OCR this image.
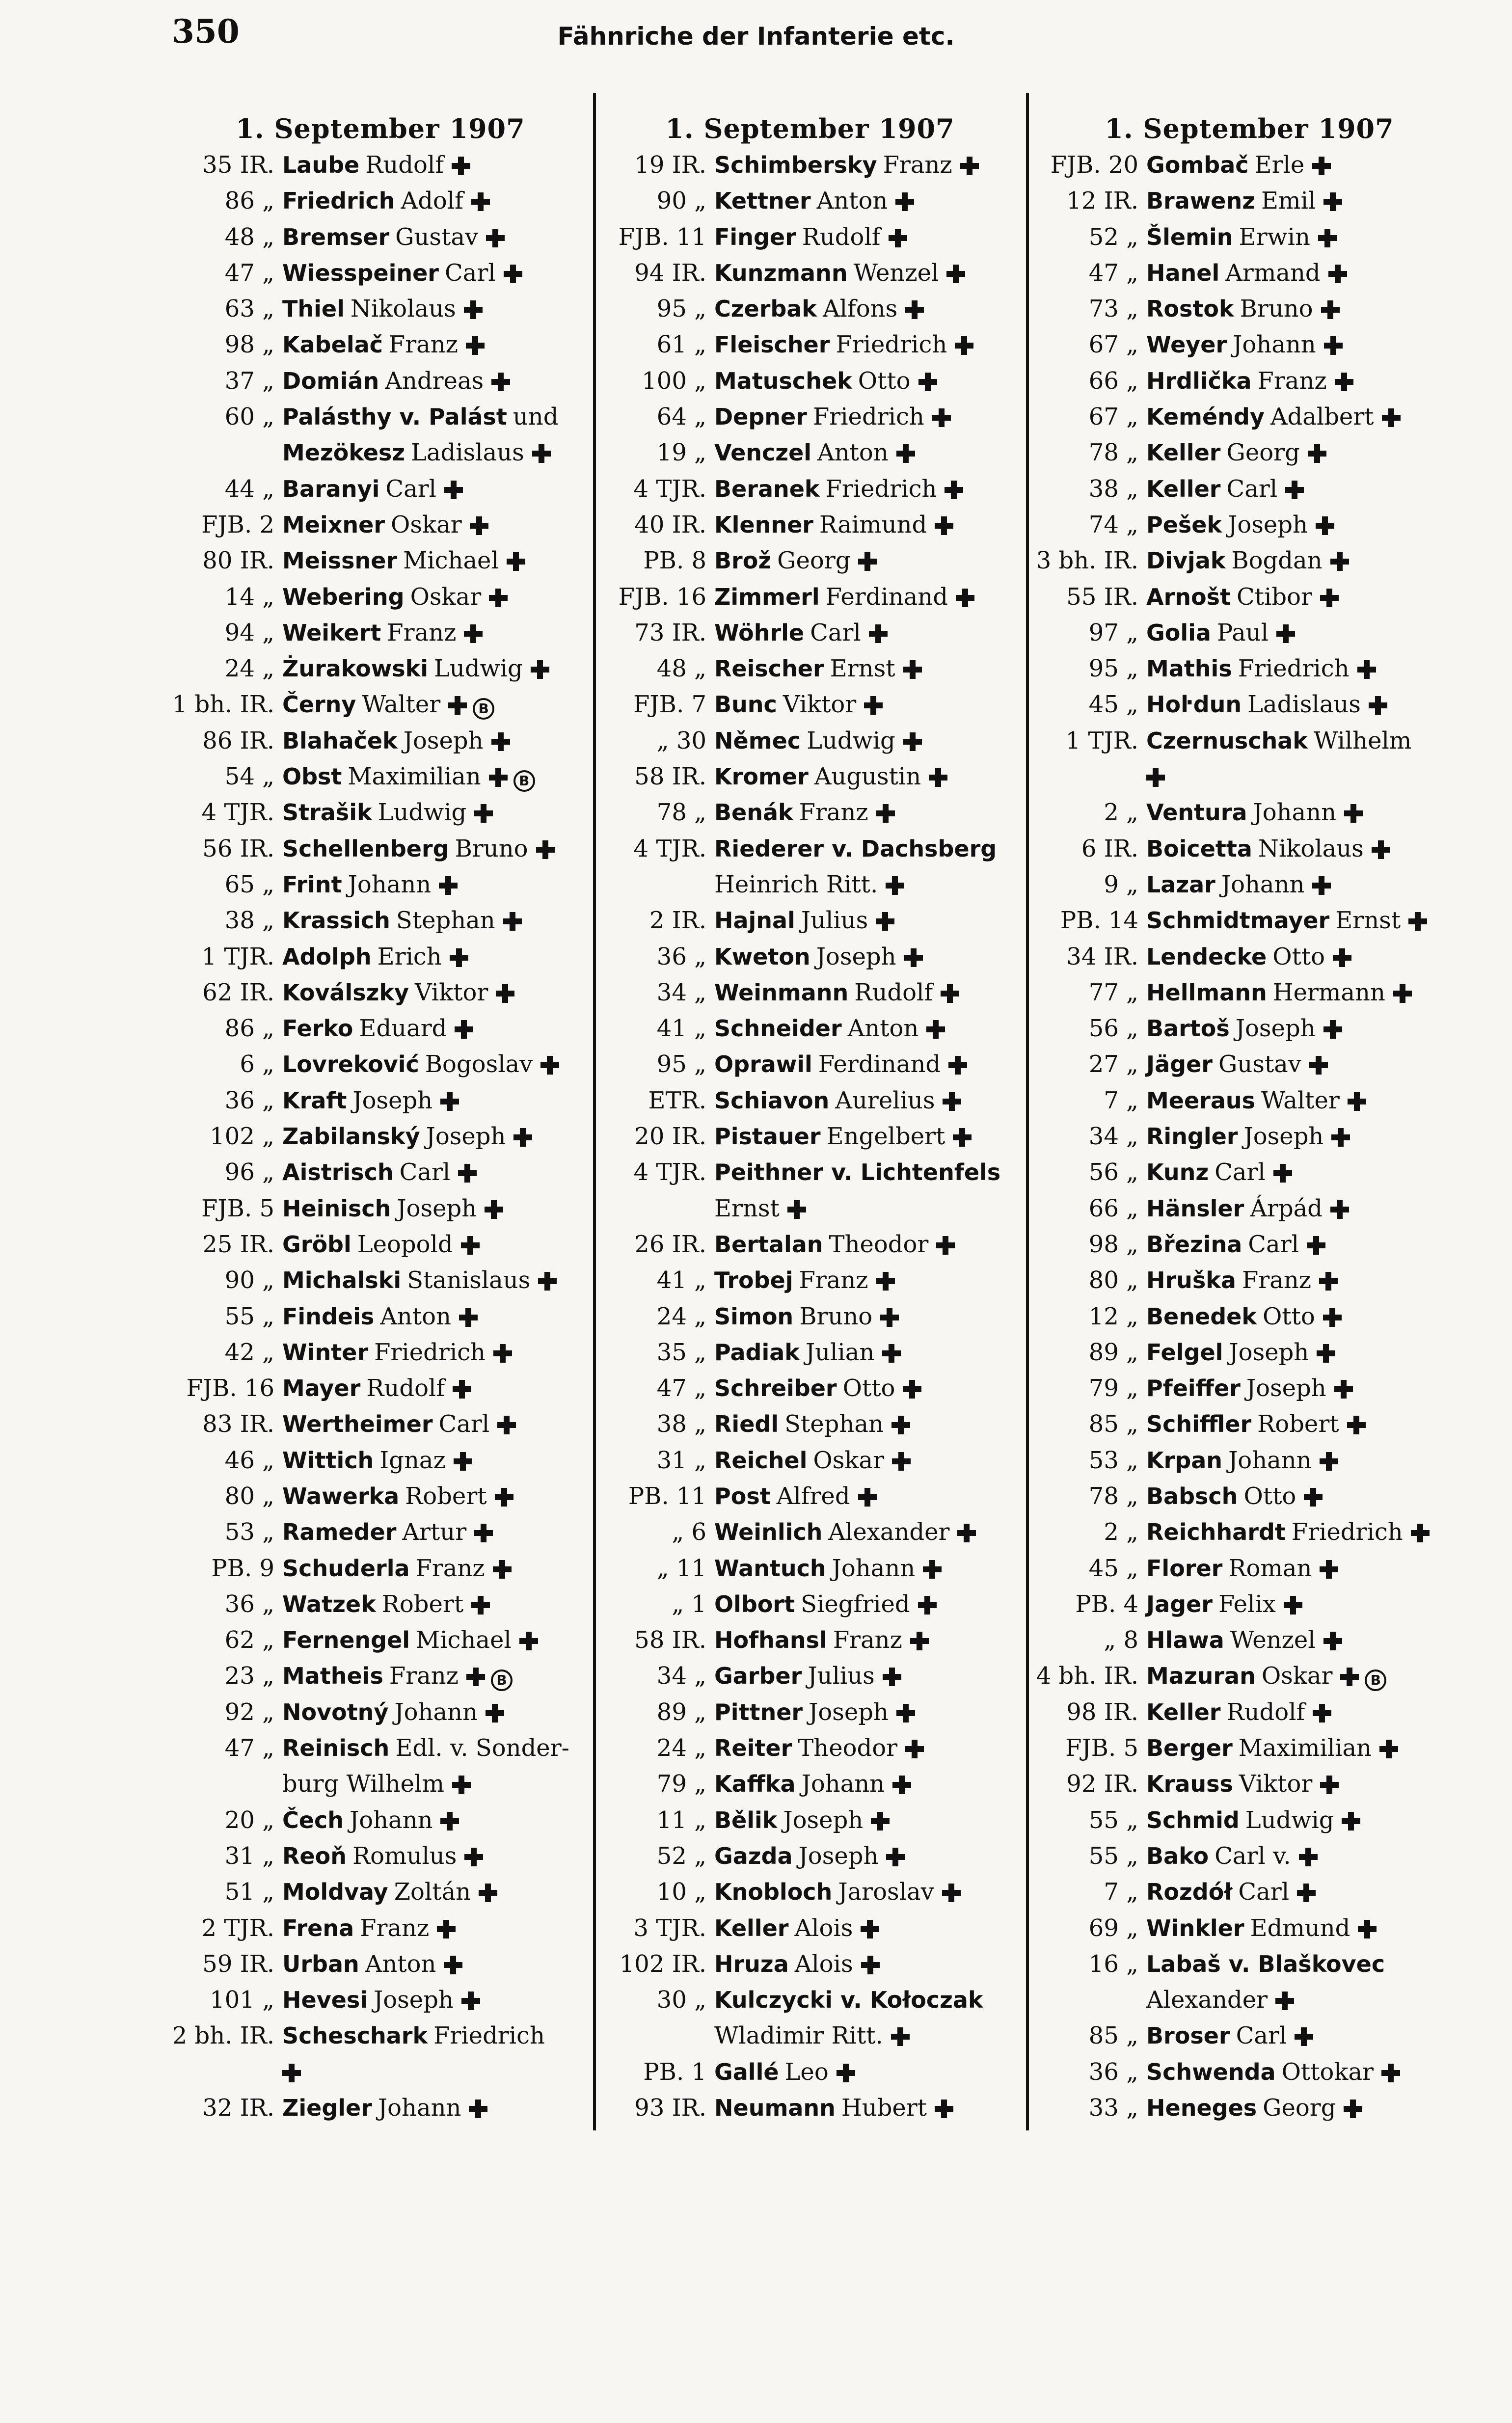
350	Fähnriche der Infanterie etc.
1. September 1907
35 IR. Laube Rudolf
86 „ Friedrich Adolf
48 „ Bremser Gustav
47 „ Wiesspeiner Carl
63 „ Thiel Nikolaus
98 „ Kabelač Franz
37 „ Domián Andreas
60 „ Palásthy v. Palást und
Mezökesz Ladislaus
44 „ Baranyi Carl
FJB. 2 Meixner Oskar
80 IR. Meissner Michael
14 „ Webering Oskar
94 „ Weikert Franz
24 „ Żurakowski Ludwig
1 bh. IR. Černy Walter	B
86 IR. Blahaček Joseph
54 „ Obst Maximilian	B
4 TJR. Strašik Ludwig
56 IR. Schellenberg Bruno
65 „ Frint Johann
38 „ Krassich Stephan
1 TJR. Adolph Erich
62 IR. Koválszky Viktor
86 „ Ferko Eduard
6 „ Lovreković Bogoslav
36 „ Kraft Joseph
102 „ Zabilanský Joseph
96 „ Aistrisch Carl
FJB. 5 Heinisch Joseph
25 IR. Gröbl Leopold
90 „ Michalski Stanislaus
55 „ Findeis Anton
42 „ Winter Friedrich
FJB. 16 Mayer Rudolf
83 IR. Wertheimer Carl
46 „ Wittich Ignaz
80 „ Wawerka Robert
53 „ Rameder Artur
PB. 9 Schuderla Franz
36 „ Watzek Robert
62 „ Fernengel Michael
23 „ Matheis Franz	B
92 „ Novotný Johann
47 „ Reinisch Edl. v. Sonder-
burg Wilhelm
20 „ Čech Johann
31 „ Reoň Romulus
51 „ Moldvay Zoltán
2 TJR. Frena Franz
59 IR. Urban Anton
101 „ Hevesi Joseph
2 bh. IR. Scheschark Friedrich
32 IR. Ziegler Johann
1. September 1907
19 IR. Schimbersky Franz
90 „ Kettner Anton
FJB. 11 Finger Rudolf
94 IR. Kunzmann Wenzel
95 „ Czerbak Alfons
61 „ Fleischer Friedrich
100 „ Matuschek Otto
64 „ Depner Friedrich
19 „ Venczel Anton
4 TJR. Beranek Friedrich
40 IR. Klenner Raimund
PB. 8 Brož Georg
FJB. 16 Zimmerl Ferdinand
73 IR. Wöhrle Carl
48 „ Reischer Ernst
FJB. 7 Bunc Viktor
„ 30 Němec Ludwig
58 IR. Kromer Augustin
78 „ Benák Franz
4 TJR. Riederer v. Dachsberg
Heinrich Ritt.
2 IR. Hajnal Julius
36 „ Kweton Joseph
34 „ Weinmann Rudolf
41 „ Schneider Anton
95 „ Oprawil Ferdinand
ETR. Schiavon Aurelius
20 IR. Pistauer Engelbert
4 TJR. Peithner v. Lichtenfels
Ernst
26 IR. Bertalan Theodor
41 „ Trobej Franz
24 „ Simon Bruno
35 „ Padiak Julian
47 „ Schreiber Otto
38 „ Riedl Stephan
31 „ Reichel Oskar
PB. 11 Post Alfred
„ 6 Weinlich Alexander
„ 11 Wantuch Johann
„ 1 Olbort Siegfried
58 IR. Hofhansl Franz
34 „ Garber Julius
89 „ Pittner Joseph
24 „ Reiter Theodor
79 „ Kaffka Johann
11 „ Bělik Joseph
52 „ Gazda Joseph
10 „ Knobloch Jaroslav
3 TJR. Keller Alois
102 IR. Hruza Alois
30 „ Kulczycki v. Kołoczak
Wladimir Ritt.
PB. 1 Gallé Leo
93 IR. Neumann Hubert
1. September 1907
FJB. 20 Gombač Erle
12 IR. Brawenz Emil
52 „ Šlemin Erwin
47 „ Hanel Armand
73 „ Rostok Bruno
67 „ Weyer Johann
66 „ Hrdlička Franz
67 „ Keméndy Adalbert
78 „ Keller Georg
38 „ Keller Carl
74 „ Pešek Joseph
3 bh. IR. Divjak Bogdan
55 IR. Arnošt Ctibor
97 „ Golia Paul
95 „ Mathis Friedrich
45 „ Hoŀdun Ladislaus
1 TJR. Czernuschak Wilhelm
2 „ Ventura Johann
6 IR. Boicetta Nikolaus
9 „ Lazar Johann
PB. 14 Schmidtmayer Ernst
34 IR. Lendecke Otto
77 „ Hellmann Hermann
56 „ Bartoš Joseph
27 „ Jäger Gustav
7 „ Meeraus Walter
34 „ Ringler Joseph
56 „ Kunz Carl
66 „ Hänsler Árpád
98 „ Březina Carl
80 „ Hruška Franz
12 „ Benedek Otto
89 „ Felgel Joseph
79 „ Pfeiffer Joseph
85 „ Schiffler Robert
53 „ Krpan Johann
78 „ Babsch Otto
2 „ Reichhardt Friedrich
45 „ Florer Roman
PB. 4 Jager Felix
„ 8 Hlawa Wenzel
4 bh. IR. Mazuran Oskar	B
98 IR. Keller Rudolf
FJB. 5 Berger Maximilian
92 IR. Krauss Viktor
55 „ Schmid Ludwig
55 „ Bako Carl v.
7 „ Rozdół Carl
69 „ Winkler Edmund
16 „ Labaš v. Blaškovec
Alexander
85 „ Broser Carl
36 „ Schwenda Ottokar
33 „ Heneges Georg
